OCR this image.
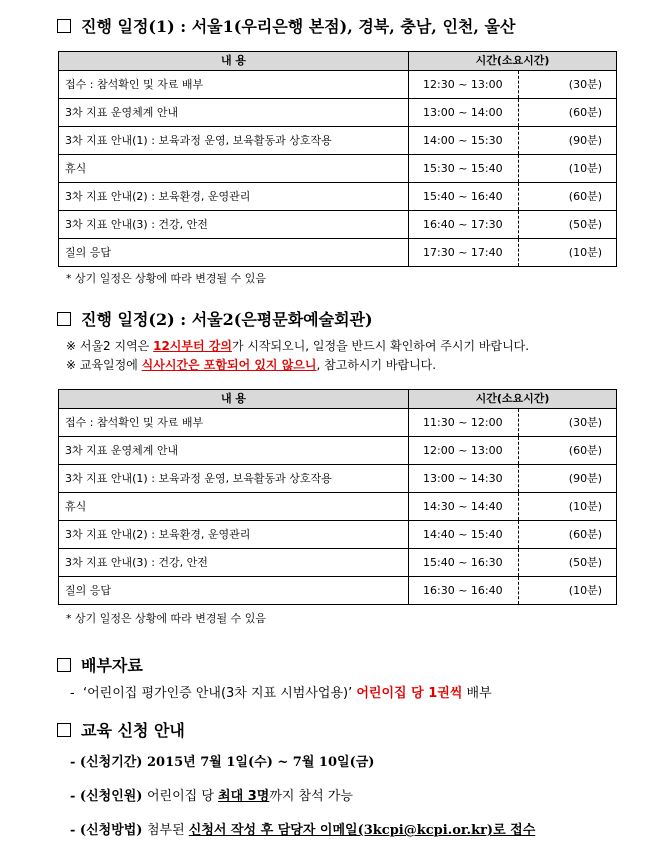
진행 일정(1) : 서울1(우리은행 본점), 경북, 충남, 인천, 울산
내 용	시간(소요시간)	
접수 : 참석확인 및 자료 배부	12:30 ~ 13:00	(30분)
3차 지표 운영체계 안내	13:00 ~ 14:00	(60분)
3차 지표 안내(1) : 보육과정 운영, 보육활동과 상호작용	14:00 ~ 15:30	(90분)
휴식	15:30 ~ 15:40	(10분)
3차 지표 안내(2) : 보육환경, 운영관리	15:40 ~ 16:40	(60분)
3차 지표 안내(3) : 건강, 안전	16:40 ~ 17:30	(50분)
질의 응답	17:30 ~ 17:40	(10분)
* 상기 일정은 상황에 따라 변경될 수 있음
진행 일정(2) : 서울2(은평문화예술회관)
※ 서울2 지역은 12시부터 강의가 시작되오니, 일정을 반드시 확인하여 주시기 바랍니다.
※ 교육일정에 식사시간은 포함되어 있지 않으니, 참고하시기 바랍니다.
내 용	시간(소요시간)	
접수 : 참석확인 및 자료 배부	11:30 ~ 12:00	(30분)
3차 지표 운영체계 안내	12:00 ~ 13:00	(60분)
3차 지표 안내(1) : 보육과정 운영, 보육활동과 상호작용	13:00 ~ 14:30	(90분)
휴식	14:30 ~ 14:40	(10분)
3차 지표 안내(2) : 보육환경, 운영관리	14:40 ~ 15:40	(60분)
3차 지표 안내(3) : 건강, 안전	15:40 ~ 16:30	(50분)
질의 응답	16:30 ~ 16:40	(10분)
* 상기 일정은 상황에 따라 변경될 수 있음
배부자료
- ‘어린이집 평가인증 안내(3차 지표 시범사업용)’ 어린이집 당 1권씩 배부
교육 신청 안내
- (신청기간) 2015년 7월 1일(수) ~ 7월 10일(금)
- (신청인원) 어린이집 당 최대 3명까지 참석 가능
- (신청방법) 첨부된 신청서 작성 후 담당자 이메일(3kcpi@kcpi.or.kr)로 접수
